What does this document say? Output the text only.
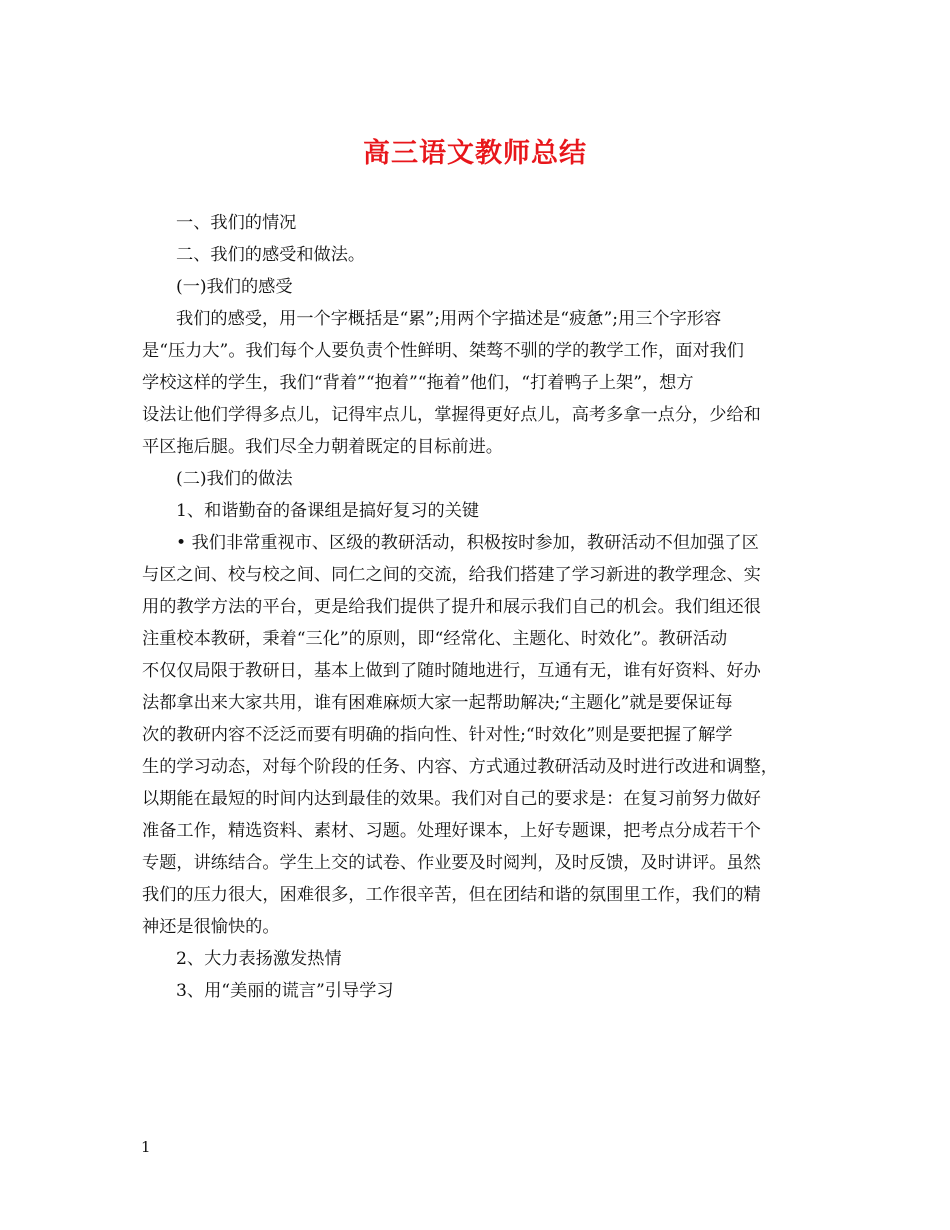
高三语文教师总结
一、我们的情况
二、我们的感受和做法。
(一)我们的感受
我们的感受，用一个字概括是“累”;用两个字描述是“疲惫”;用三个字形容
是“压力大”。我们每个人要负责个性鲜明、桀骜不驯的学的教学工作，面对我们
学校这样的学生，我们“背着”“抱着”“拖着”他们，“打着鸭子上架”，想方
设法让他们学得多点儿，记得牢点儿，掌握得更好点儿，高考多拿一点分，少给和
平区拖后腿。我们尽全力朝着既定的目标前进。
(二)我们的做法
1、和谐勤奋的备课组是搞好复习的关键
• 我们非常重视市、区级的教研活动，积极按时参加，教研活动不但加强了区
与区之间、校与校之间、同仁之间的交流，给我们搭建了学习新进的教学理念、实
用的教学方法的平台，更是给我们提供了提升和展示我们自己的机会。我们组还很
注重校本教研，秉着“三化”的原则，即“经常化、主题化、时效化”。教研活动
不仅仅局限于教研日，基本上做到了随时随地进行，互通有无，谁有好资料、好办
法都拿出来大家共用，谁有困难麻烦大家一起帮助解决;“主题化”就是要保证每
次的教研内容不泛泛而要有明确的指向性、针对性;“时效化”则是要把握了解学
生的学习动态，对每个阶段的任务、内容、方式通过教研活动及时进行改进和调整，
以期能在最短的时间内达到最佳的效果。我们对自己的要求是：在复习前努力做好
准备工作，精选资料、素材、习题。处理好课本，上好专题课，把考点分成若干个
专题，讲练结合。学生上交的试卷、作业要及时阅判，及时反馈，及时讲评。虽然
我们的压力很大，困难很多，工作很辛苦，但在团结和谐的氛围里工作，我们的精
神还是很愉快的。
2、大力表扬激发热情
3、用“美丽的谎言”引导学习
1
